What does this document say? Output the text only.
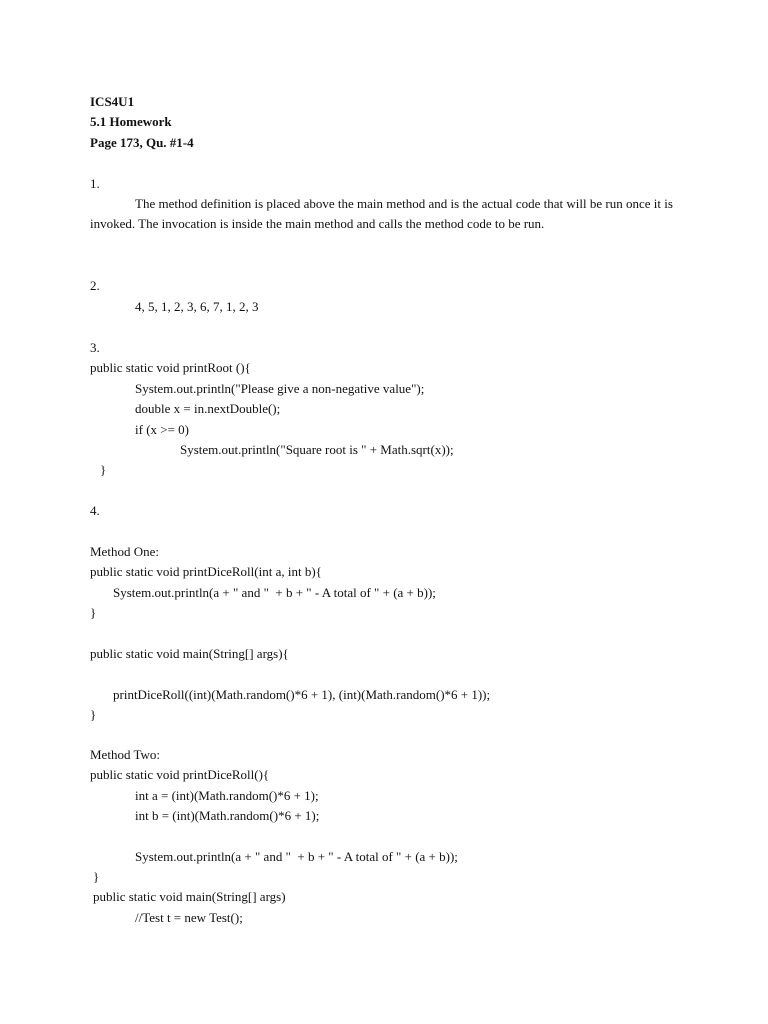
ICS4U1
5.1 Homework
Page 173, Qu. #1-4
1.
The method definition is placed above the main method and is the actual code that will be run once it is invoked. The invocation is inside the main method and calls the method code to be run.
2.
4, 5, 1, 2, 3, 6, 7, 1, 2, 3
3.
public static void printRoot (){
System.out.println("Please give a non-negative value");
double x = in.nextDouble();
if (x >= 0)
System.out.println("Square root is " + Math.sqrt(x));
}
4.
Method One:
public static void printDiceRoll(int a, int b){
System.out.println(a + " and "  + b + " - A total of " + (a + b));
}
public static void main(String[] args){
printDiceRoll((int)(Math.random()*6 + 1), (int)(Math.random()*6 + 1));
}
Method Two:
public static void printDiceRoll(){
int a = (int)(Math.random()*6 + 1);
int b = (int)(Math.random()*6 + 1);
System.out.println(a + " and "  + b + " - A total of " + (a + b));
}
public static void main(String[] args)
//Test t = new Test();
